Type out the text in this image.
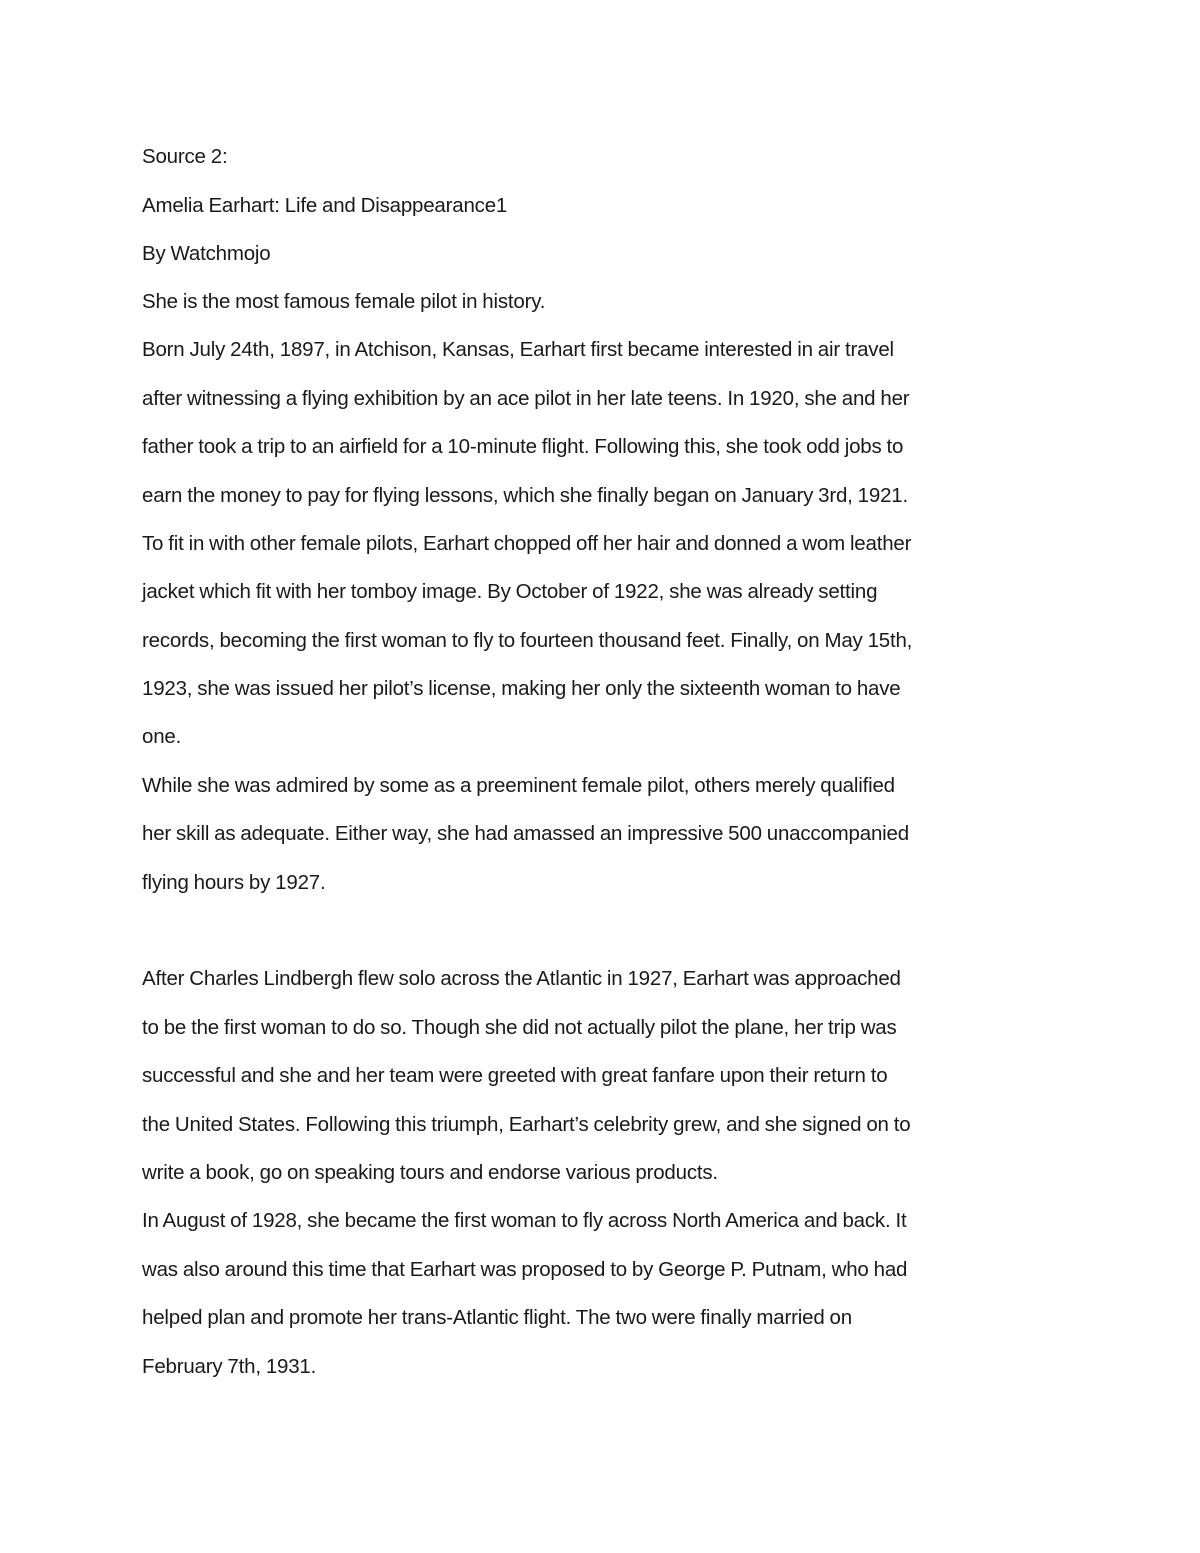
Source 2:
Amelia Earhart: Life and Disappearance1
By Watchmojo
She is the most famous female pilot in history.
Born July 24th, 1897, in Atchison, Kansas, Earhart first became interested in air travel
after witnessing a flying exhibition by an ace pilot in her late teens. In 1920, she and her
father took a trip to an airfield for a 10-minute flight. Following this, she took odd jobs to
earn the money to pay for flying lessons, which she finally began on January 3rd, 1921.
To fit in with other female pilots, Earhart chopped off her hair and donned a wom leather
jacket which fit with her tomboy image. By October of 1922, she was already setting
records, becoming the first woman to fly to fourteen thousand feet. Finally, on May 15th,
1923, she was issued her pilot’s license, making her only the sixteenth woman to have
one.
While she was admired by some as a preeminent female pilot, others merely qualified
her skill as adequate. Either way, she had amassed an impressive 500 unaccompanied
flying hours by 1927.
After Charles Lindbergh flew solo across the Atlantic in 1927, Earhart was approached
to be the first woman to do so. Though she did not actually pilot the plane, her trip was
successful and she and her team were greeted with great fanfare upon their return to
the United States. Following this triumph, Earhart’s celebrity grew, and she signed on to
write a book, go on speaking tours and endorse various products.
In August of 1928, she became the first woman to fly across North America and back. It
was also around this time that Earhart was proposed to by George P. Putnam, who had
helped plan and promote her trans-Atlantic flight. The two were finally married on
February 7th, 1931.
